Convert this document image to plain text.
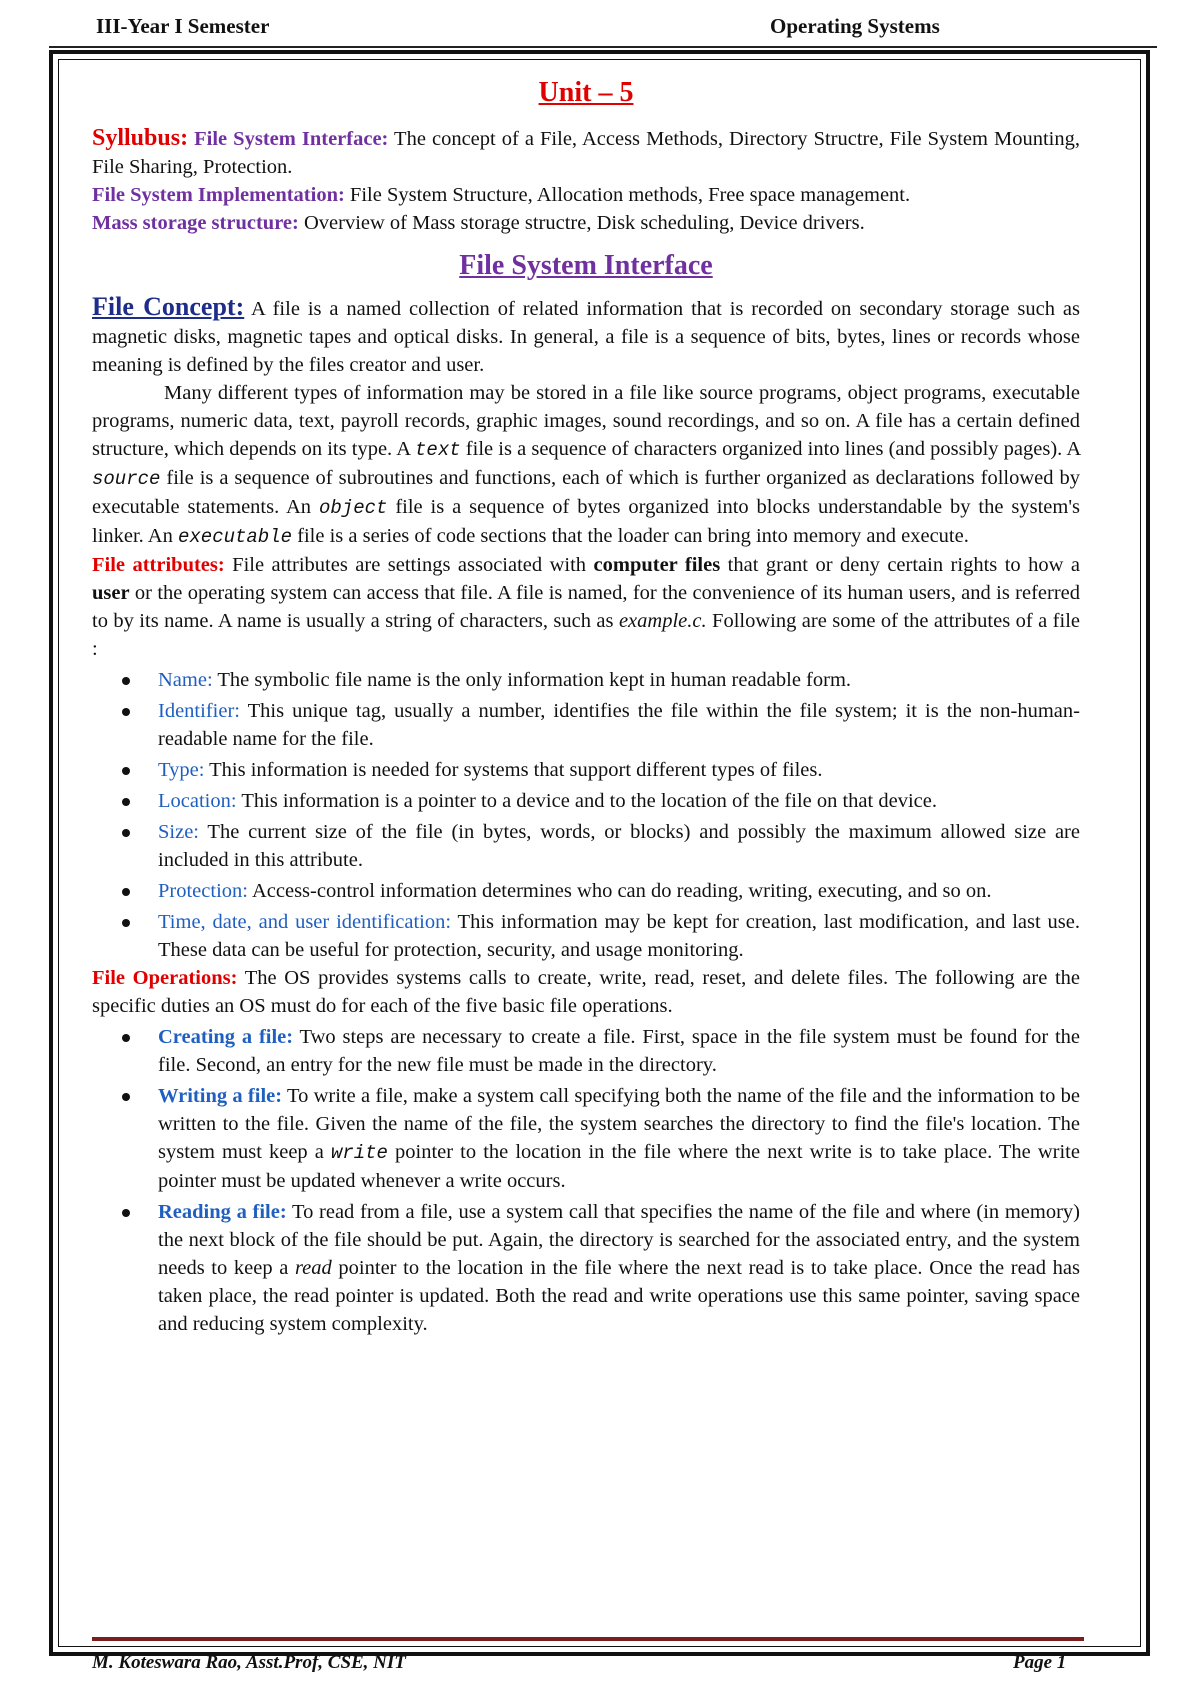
III-Year I Semester	Operating Systems
Unit – 5

Syllubus: File System Interface: The concept of a File, Access Methods, Directory Structre, File System Mounting, File Sharing, Protection.

File System Implementation: File System Structure, Allocation methods, Free space management.

Mass storage structure: Overview of Mass storage structre, Disk scheduling, Device drivers.

File System Interface

File Concept: A file is a named collection of related information that is recorded on secondary storage such as magnetic disks, magnetic tapes and optical disks. In general, a file is a sequence of bits, bytes, lines or records whose meaning is defined by the files creator and user.

Many different types of information may be stored in a file like source programs, object programs, executable programs, numeric data, text, payroll records, graphic images, sound recordings, and so on. A file has a certain defined structure, which depends on its type. A text file is a sequence of characters organized into lines (and possibly pages). A source file is a sequence of subroutines and functions, each of which is further organized as declarations followed by executable statements. An object file is a sequence of bytes organized into blocks understandable by the system's linker. An executable file is a series of code sections that the loader can bring into memory and execute.

File attributes: File attributes are settings associated with computer files that grant or deny certain rights to how a user or the operating system can access that file. A file is named, for the convenience of its human users, and is referred to by its name. A name is usually a string of characters, such as example.c. Following are some of the attributes of a file :

Name: The symbolic file name is the only information kept in human readable form.
Identifier: This unique tag, usually a number, identifies the file within the file system; it is the non-human-readable name for the file.
Type: This information is needed for systems that support different types of files.
Location: This information is a pointer to a device and to the location of the file on that device.
Size: The current size of the file (in bytes, words, or blocks) and possibly the maximum allowed size are included in this attribute.
Protection: Access-control information determines who can do reading, writing, executing, and so on.
Time, date, and user identification: This information may be kept for creation, last modification, and last use. These data can be useful for protection, security, and usage monitoring.

File Operations: The OS provides systems calls to create, write, read, reset, and delete files. The following are the specific duties an OS must do for each of the five basic file operations.

Creating a file: Two steps are necessary to create a file. First, space in the file system must be found for the file. Second, an entry for the new file must be made in the directory.
Writing a file: To write a file, make a system call specifying both the name of the file and the information to be written to the file. Given the name of the file, the system searches the directory to find the file's location. The system must keep a write pointer to the location in the file where the next write is to take place. The write pointer must be updated whenever a write occurs.
Reading a file: To read from a file, use a system call that specifies the name of the file and where (in memory) the next block of the file should be put. Again, the directory is searched for the associated entry, and the system needs to keep a read pointer to the location in the file where the next read is to take place. Once the read has taken place, the read pointer is updated. Both the read and write operations use this same pointer, saving space and reducing system complexity.
M. Koteswara Rao, Asst.Prof, CSE, NIT	Page 1
